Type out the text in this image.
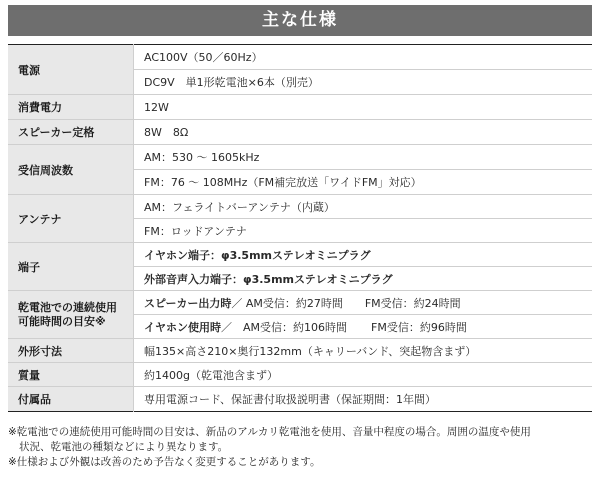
主な仕様
電源	AC100V（50／60Hz）
	DC9V　単1形乾電池×6本（別売）
消費電力	12W
スピーカー定格	8W　8Ω
受信周波数	AM：530 〜 1605kHz
	FM：76 〜 108MHz（FM補完放送「ワイドFM」対応）
アンテナ	AM：フェライトバーアンテナ（内蔵）
	FM：ロッドアンテナ
端子	イヤホン端子：φ3.5mmステレオミニプラグ
	外部音声入力端子：φ3.5mmステレオミニプラグ

乾電池での連続使用
可能時間の目安※	スピーカー出力時／ AM受信：約27時間 FM受信：約24時間
	イヤホン使用時／　AM受信：約106時間 FM受信：約96時間
外形寸法	幅135×高さ210×奥行132mm（キャリーバンド、突起物含まず）
質量	約1400g（乾電池含まず）
付属品	専用電源コード、保証書付取扱説明書（保証期間：1年間）
※乾電池での連続使用可能時間の目安は、新品のアルカリ乾電池を使用、音量中程度の場合。周囲の温度や使用
状況、乾電池の種類などにより異なります。
※仕様および外観は改善のため予告なく変更することがあります。
